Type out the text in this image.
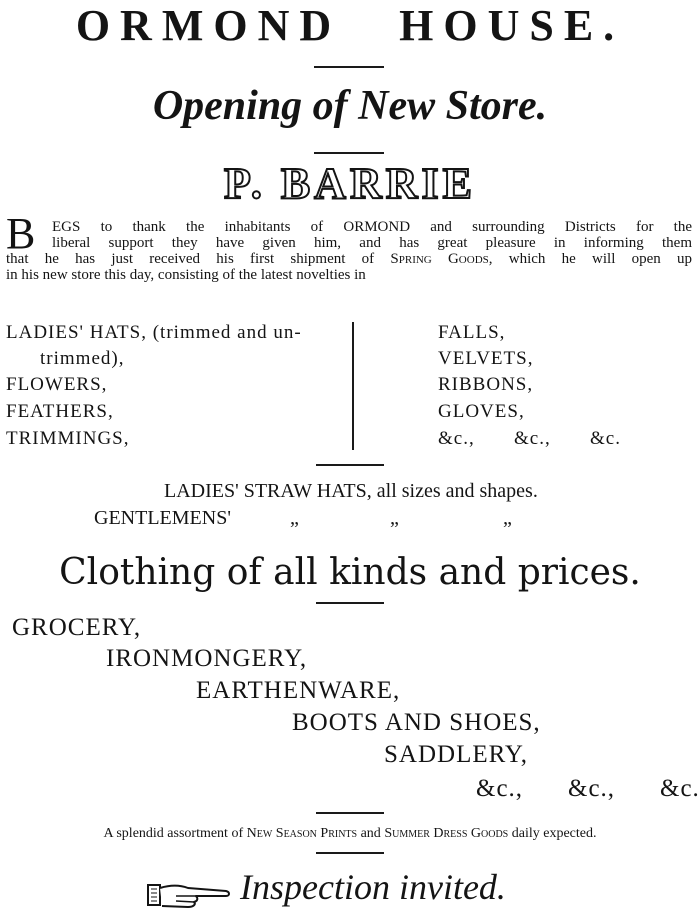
ORMOND HOUSE.
Opening of New Store.
P. BARRIE
B	EGS to thank the inhabitants of ORMOND and surrounding Districts for the
liberal support they have given him, and has great pleasure in informing them
that he has just received his first shipment of Spring Goods, which he will open up
in his new store this day, consisting of the latest novelties in
LADIES' HATS, (trimmed and un-
trimmed),
FLOWERS,
FEATHERS,
TRIMMINGS,
FALLS,
VELVETS,
RIBBONS,
GLOVES,
&c., &c., &c.
LADIES' STRAW HATS, all sizes and shapes.
GENTLEMENS'	„	„	„
Clothing of all kinds and prices.
GROCERY,
IRONMONGERY,
EARTHENWARE,
BOOTS AND SHOES,
SADDLERY,
&c., &c., &c.
A splendid assortment of New Season Prints and Summer Dress Goods daily expected.
Inspection invited.
